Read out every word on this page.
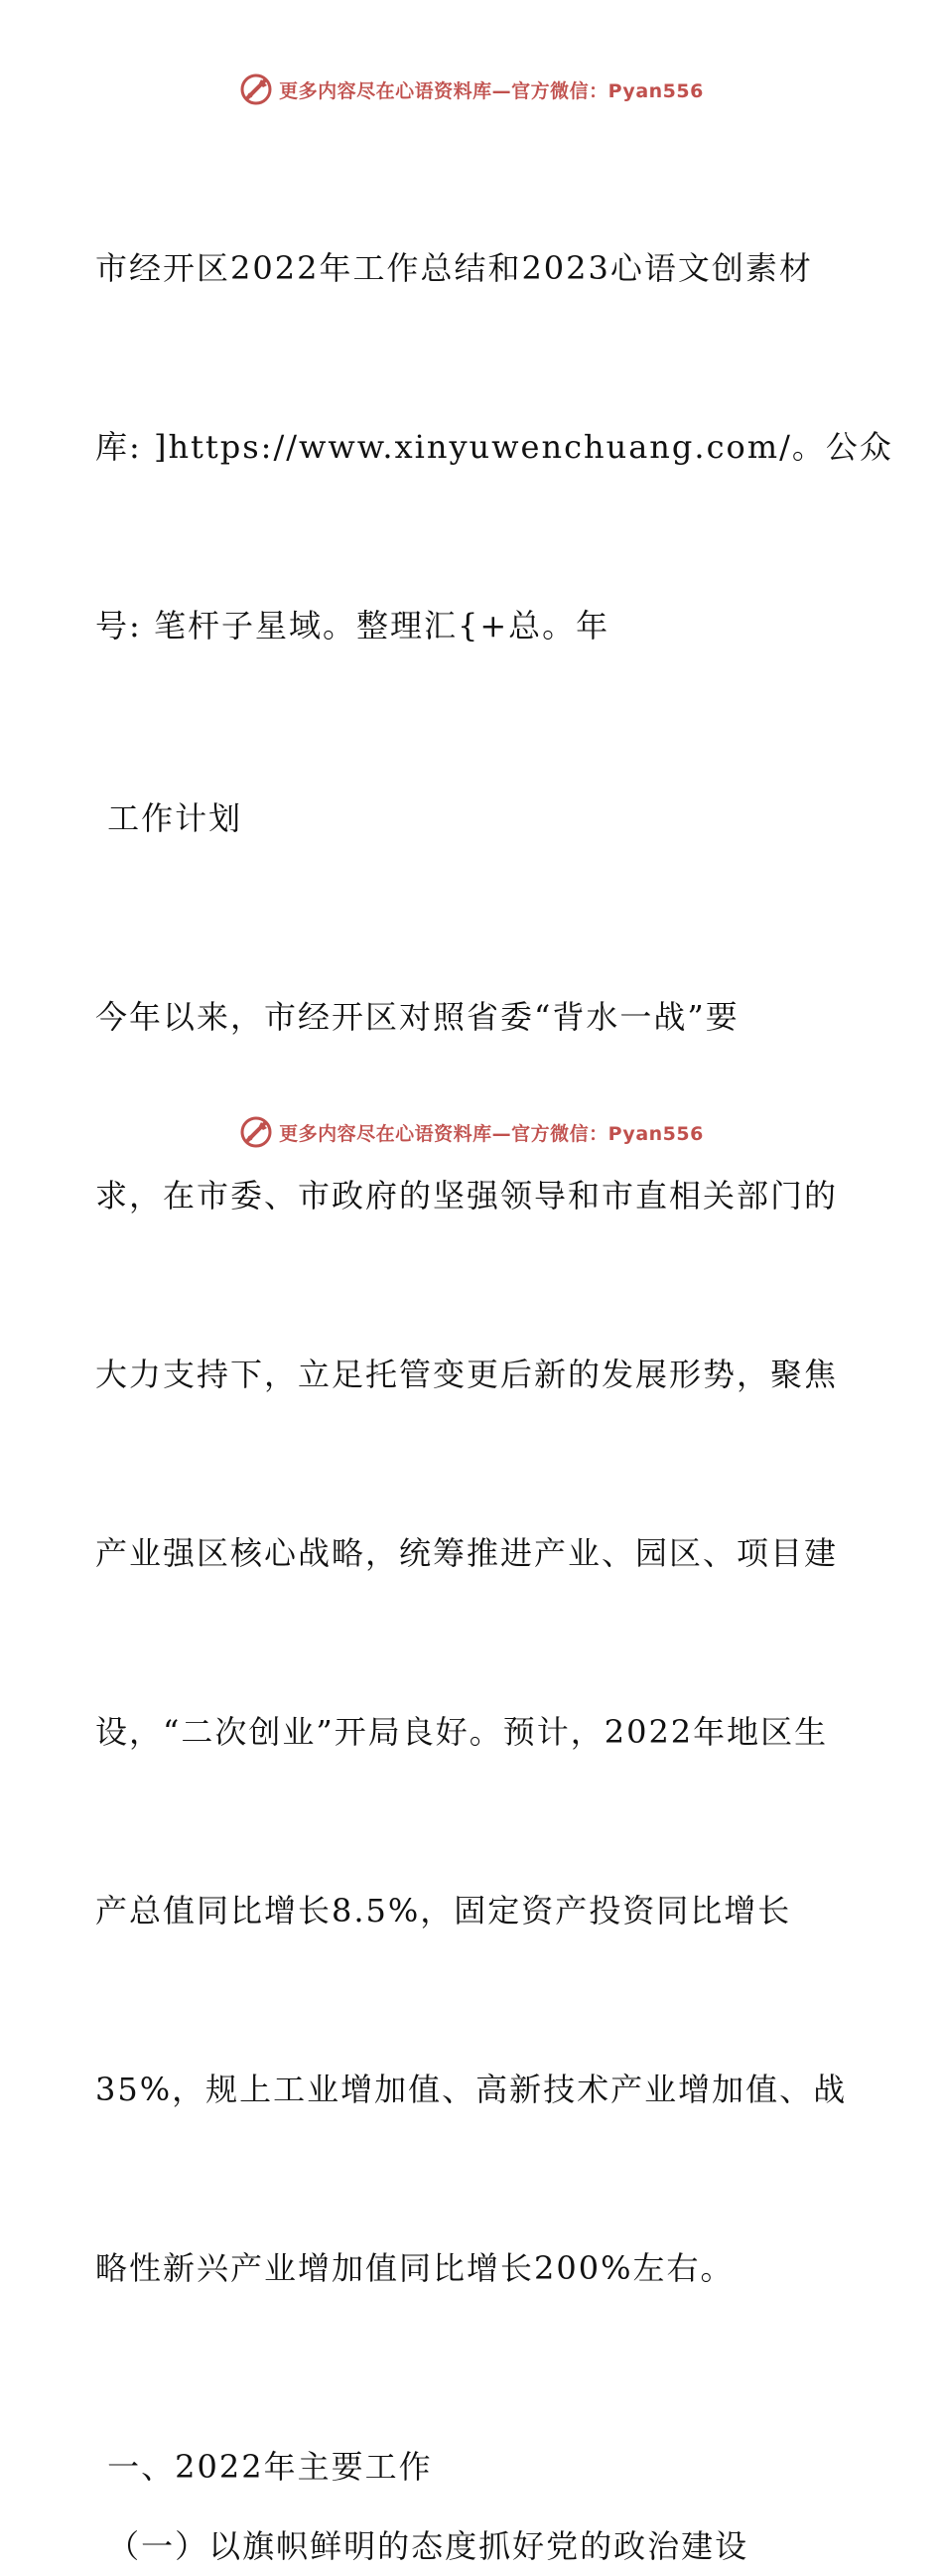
更多内容尽在心语资料库—官方微信：Pyan556

市经开区2022年工作总结和2023心语文创素材

库: ]https://www.xinyuwenchuang.com/。公众

号: 笔杆子星域。整理汇{+总。年

工作计划

今年以来，市经开区对照省委“背水一战”要

求，在市委、市政府的坚强领导和市直相关部门的

大力支持下，立足托管变更后新的发展形势，聚焦

产业强区核心战略，统筹推进产业、园区、项目建

设，“二次创业”开局良好。预计，2022年地区生

产总值同比增长8.5%，固定资产投资同比增长

35%，规上工业增加值、高新技术产业增加值、战

略性新兴产业增加值同比增长200%左右。

一、2022年主要工作

（一）以旗帜鲜明的态度抓好党的政治建设

更多内容尽在心语资料库—官方微信：Pyan556
